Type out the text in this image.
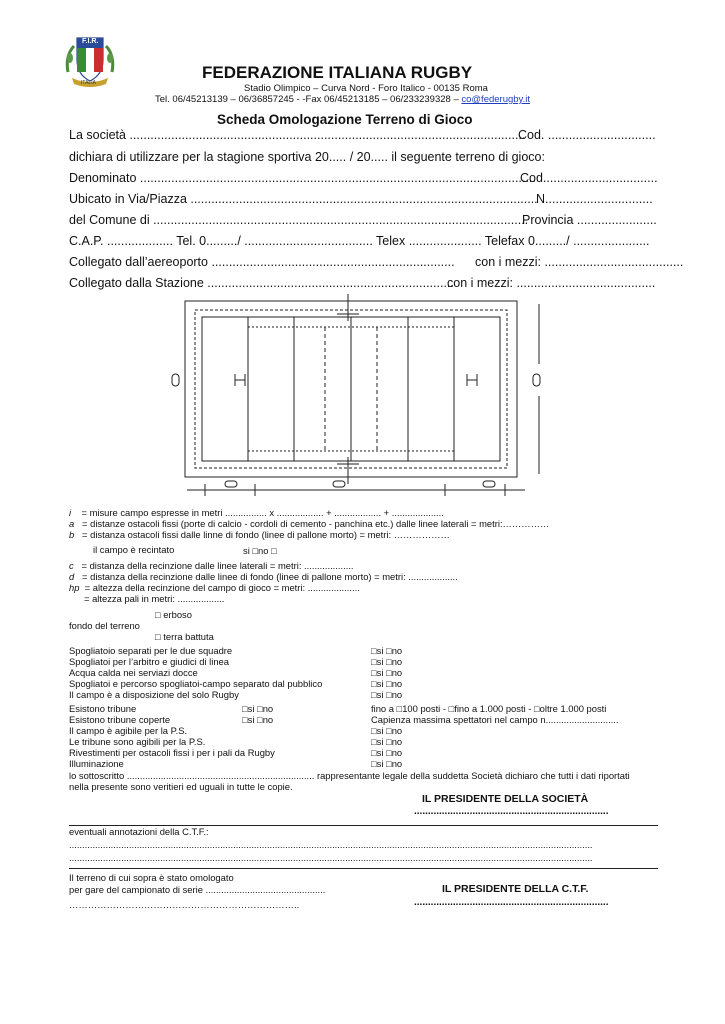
F.I.R.
ITALIA
FEDERAZIONE ITALIANA RUGBY
Stadio Olimpico – Curva Nord - Foro Italico - 00135 Roma
Tel. 06/45213139 – 06/36857245 - -Fax 06/45213185 – 06/233239328 – co@federugby.it
Scheda Omologazione Terreno di Gioco
La società ..................................................................................................................
Cod. ...............................
dichiara di utilizzare per la stagione sportiva 20..... / 20..... il seguente terreno di gioco:
Denominato ..................................................................................................................
Cod.................................
Ubicato in Via/Piazza ....................................................................................................
N...............................
del Comune di ............................................................................................................
Provincia .......................
C.A.P. ................... Tel. 0........./ ..................................... Telex ..................... Telefax 0........./ ......................
Collegato dall’aereoporto ...................................................................... con i mezzi: ........................................
Collegato dalla Stazione .......................................................................
con i mezzi: ........................................
i = misure campo espresse in metri ................ x .................. + .................. + ....................
a = distanze ostacoli fissi (porte di calcio - cordoli di cemento - panchina etc.) dalle linee laterali = metri:……………
b = distanza ostacoli fissi dalle linne di fondo (linee di pallone morto) = metri: ………………
il campo è recintato	si □no □
c = distanza della recinzione dalle linee laterali = metri: ...................
d = distanza della recinzione dalle linee di fondo (linee di pallone morto) = metri: ...................
hp = altezza della recinzione del campo di gioco = metri: ....................
= altezza pali in metri: ..................
□ erboso
fondo del terreno
□ terra battuta
Spogliatoio separati per le due squadre	□si □no
Spogliatoi per l’arbitro e giudici di linea	□si □no
Acqua calda nei serviazi docce	□si □no
Spogliatoi e percorso spogliatoi-campo separato dal pubblico	□si □no
Il campo è a disposizione del solo Rugby	□si □no
Esistono tribune	□si □no	fino a □100 posti - □fino a 1.000 posti - □oltre 1.000 posti
Esistono tribune coperte	□si □no	Capienza massima spettatori nel campo n............................
Il campo è agibile per la P.S.	□si □no
Le tribune sono agibili per la P.S.	□si □no
Rivestimenti per ostacoli fissi i per i pali da Rugby	□si □no
Illuminazione	□si □no
lo sottoscritto ........................................................................ rappresentante legale della suddetta Società dichiaro che tutti i dati riportati
nella presente sono veritieri ed uguali in tutte le copie.
IL PRESIDENTE DELLA SOCIETÀ
......................................................................
eventuali annotazioni della C.T.F.:
.........................................................................................................................................................................................................
.........................................................................................................................................................................................................
Il terreno di cui sopra è stato omologato
per gare del campionato di serie ..............................................	IL PRESIDENTE DELLA C.T.F.
………………………………………………………………..	......................................................................
